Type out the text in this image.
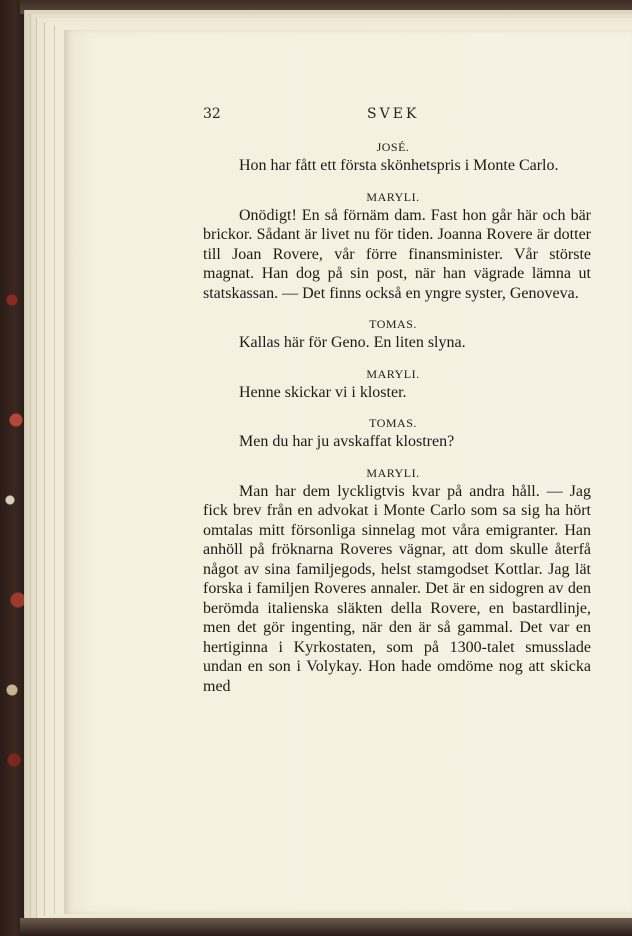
32	SVEK
JOSÉ.

Hon har fått ett första skönhetspris i Monte Carlo.

MARYLI.

Onödigt! En så förnäm dam. Fast hon går här och bär brickor. Sådant är livet nu för tiden. Joanna Rovere är dotter till Joan Rovere, vår förre finansminister. Vår störste magnat. Han dog på sin post, när han vägrade lämna ut statskassan. — Det finns också en yngre syster, Genoveva.

TOMAS.

Kallas här för Geno. En liten slyna.

MARYLI.

Henne skickar vi i kloster.

TOMAS.

Men du har ju avskaffat klostren?

MARYLI.

Man har dem lyckligtvis kvar på andra håll. — Jag fick brev från en advokat i Monte Carlo som sa sig ha hört omtalas mitt försonliga sinnelag mot våra emigranter. Han anhöll på fröknarna Roveres vägnar, att dom skulle återfå något av sina familjegods, helst stamgodset Kottlar. Jag lät forska i familjen Roveres annaler. Det är en sidogren av den berömda italienska släkten della Rovere, en bastardlinje, men det gör ingenting, när den är så gammal. Det var en hertiginna i Kyrkostaten, som på 1300-talet smusslade undan en son i Volykay. Hon hade omdöme nog att skicka med
